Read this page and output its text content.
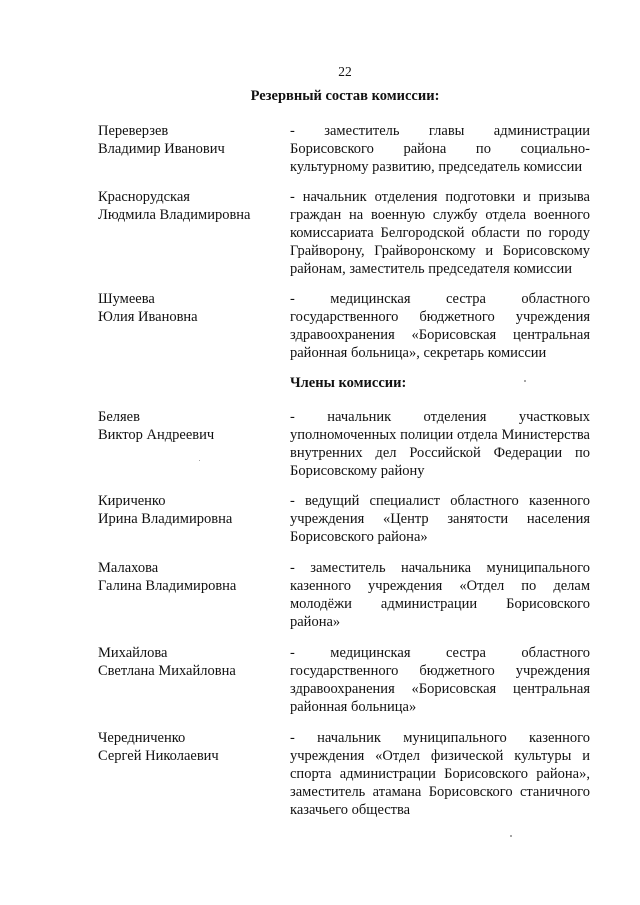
22
Резервный состав комиссии:
Переверзев
Владимир Иванович
- заместитель главы администрации Борисовского района по социально-культурному развитию, председатель комиссии
Краснорудская
Людмила Владимировна
- начальник отделения подготовки и призыва граждан на военную службу отдела военного комиссариата Белгородской области по городу Грайворону, Грайворонскому и Борисовскому районам, заместитель председателя комиссии
Шумеева
Юлия Ивановна
- медицинская сестра областного государственного бюджетного учреждения здравоохранения «Борисовская центральная районная больница», секретарь комиссии
Члены комиссии:
Беляев
Виктор Андреевич
- начальник отделения участковых уполномоченных полиции отдела Министерства внутренних дел Российской Федерации по Борисовскому району
Кириченко
Ирина Владимировна
- ведущий специалист областного казенного учреждения «Центр занятости населения Борисовского района»
Малахова
Галина Владимировна
- заместитель начальника муниципального казенного учреждения «Отдел по делам молодёжи администрации Борисовского района»
Михайлова
Светлана Михайловна
- медицинская сестра областного государственного бюджетного учреждения здравоохранения «Борисовская центральная районная больница»
Чередниченко
Сергей Николаевич
- начальник муниципального казенного учреждения «Отдел физической культуры и спорта администрации Борисовского района», заместитель атамана Борисовского станичного казачьего общества
